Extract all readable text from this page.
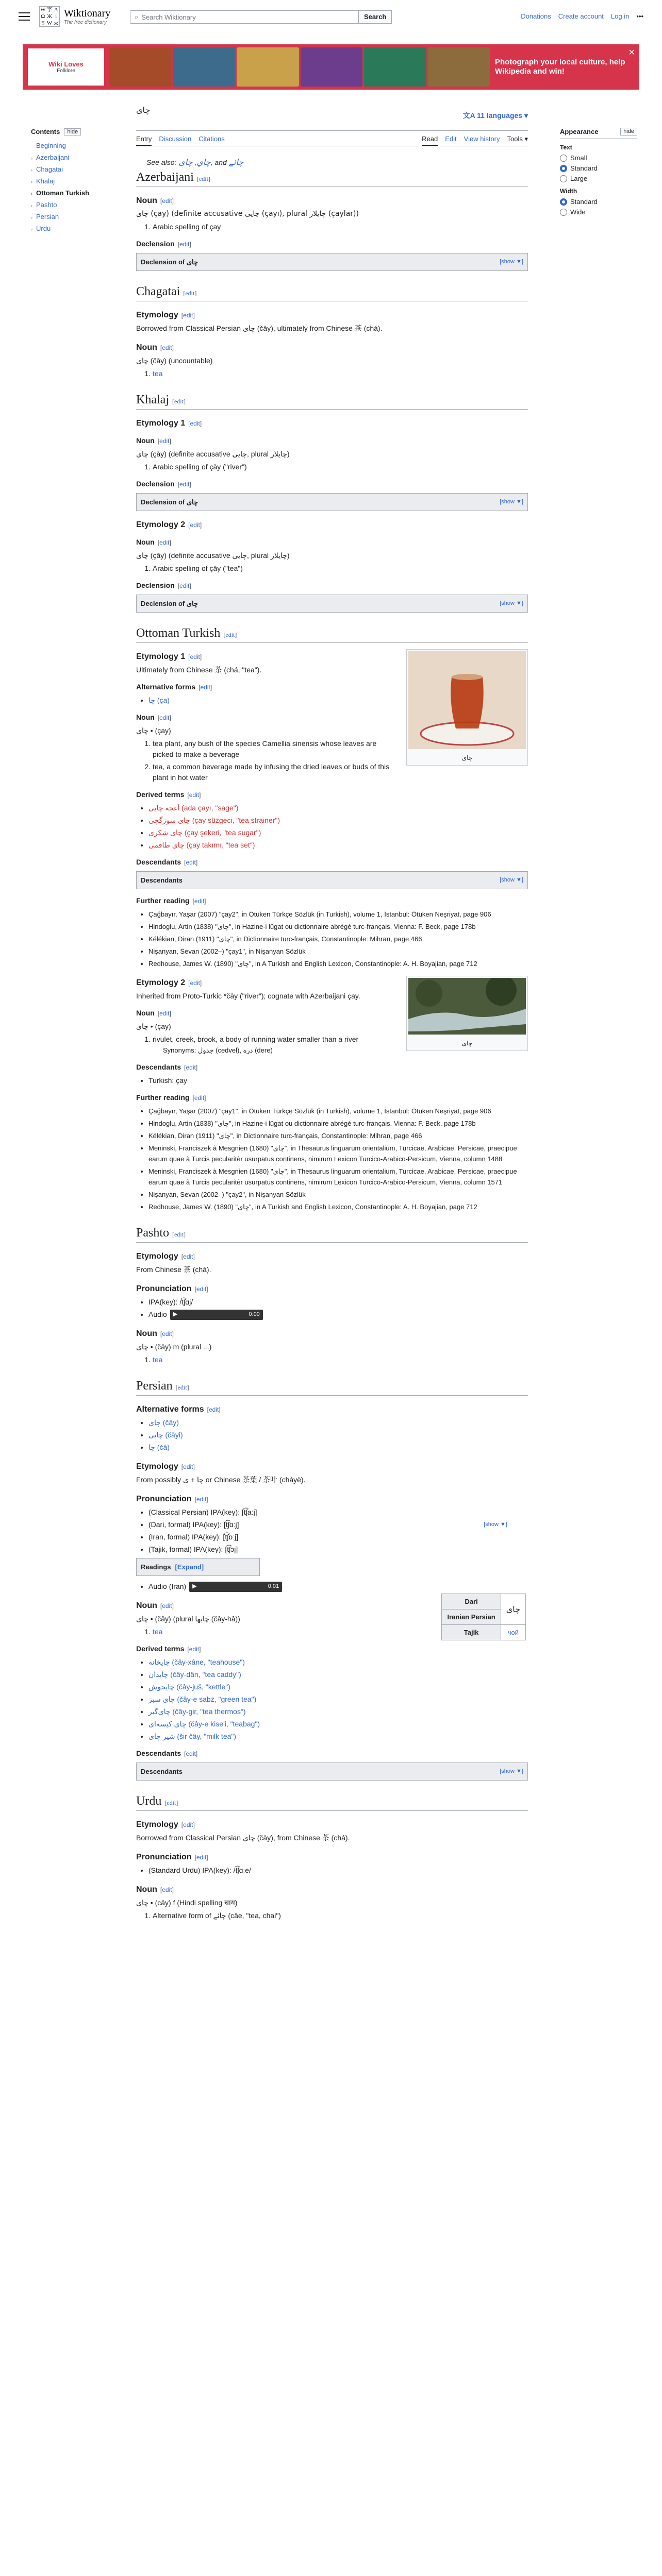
W 字 A
Ω Ж i
ㅎ W ж
Wiktionary
The free dictionary
⌕ Search Wiktionary	Search	Donations Create account Log in •••
Wiki Loves
Folklore
Photograph your local culture, help Wikipedia and win!
✕
Contents	hide
Beginning
› Azerbaijani
› Chagatai
› Khalaj
› Ottoman Turkish
› Pashto
› Persian
› Urdu
چای
文A 11 languages ▾
Entry Discussion Citations	Read Edit View history Tools ▾
See also: چاي, چای	, and چائے
Azerbaijani [edit]
Noun [edit]
چای (çay) (definite accusative چایی (çayı), plural چایلار (çaylar))
1. Arabic spelling of çay
Declension [edit]
Declension of چای	[show ▼]
Chagatai [edit]
Etymology [edit]
Borrowed from Classical Persian چای (čāy), ultimately from Chinese 茶 (chá).
Noun [edit]
چای (čāy) (uncountable)
1. tea
Khalaj [edit]
Etymology 1 [edit]
Noun [edit]
چای (çāy) (definite accusative چایی, plural چایلار)
1. Arabic spelling of çāy ("river")
Declension [edit]
Declension of چای	[show ▼]
Etymology 2 [edit]
Noun [edit]
چای (çāy) (definite accusative چایی, plural چایلار)
1. Arabic spelling of çāy ("tea")
Declension [edit]
Declension of چای	[show ▼]
Ottoman Turkish [edit]
چای
Etymology 1 [edit]
Ultimately from Chinese 茶 (chá, "tea").
Alternative forms [edit]
• چا (ça)
Noun [edit]
چای • (çay)
1. tea plant, any bush of the species Camellia sinensis whose leaves are picked to make a beverage
2. tea, a common beverage made by infusing the dried leaves or buds of this plant in hot water
Derived terms [edit]
• آغجه چایی (ada çayı, "sage")
• چای سوزگچی (çay süzgeci, "tea strainer")
• چای شکری (çay şekeri, "tea sugar")
• چای طاقمی (çay takımı, "tea set")
Descendants [edit]
Descendants	[show ▼]
Further reading [edit]
• Çağbayır, Yaşar (2007) "çay2", in Ötüken Türkçe Sözlük (in Turkish), volume 1, İstanbul: Ötüken Neşriyat, page 906
• Hindoglu, Artin (1838) "چای", in Hazine-i lügat ou dictionnaire abrégé turc-français, Vienna: F. Beck, page 178b
• Kélékian, Diran (1911) "چای", in Dictionnaire turc-français, Constantinople: Mihran, page 466
• Nişanyan, Sevan (2002–) "çay1", in Nişanyan Sözlük
• Redhouse, James W. (1890) "چای", in A Turkish and English Lexicon, Constantinople: A. H. Boyajian, page 712
چای
Etymology 2 [edit]
Inherited from Proto-Turkic *čāy ("river"); cognate with Azerbaijani çay.
Noun [edit]
چای • (çay)
1. rivulet, creek, brook, a body of running water smaller than a river
Synonyms: جدول (cedvel), دره (dere)
Descendants [edit]
• Turkish: çay
Further reading [edit]
• Çağbayır, Yaşar (2007) "çay1", in Ötüken Türkçe Sözlük (in Turkish), volume 1, İstanbul: Ötüken Neşriyat, page 906
• Hindoglu, Artin (1838) "چای", in Hazine-i lügat ou dictionnaire abrégé turc-français, Vienna: F. Beck, page 178b
• Kélékian, Diran (1911) "چای", in Dictionnaire turc-français, Constantinople: Mihran, page 466
• Meninski, Franciszek à Mesgnien (1680) "چای", in Thesaurus linguarum orientalium, Turcicae, Arabicae, Persicae, praecipue earum quae à Turcis pecularitèr usurpatus continens, nimirum Lexicon Turcico-Arabico-Persicum, Vienna, column 1488
• Meninski, Franciszek à Mesgnien (1680) "چای", in Thesaurus linguarum orientalium, Turcicae, Arabicae, Persicae, praecipue earum quae à Turcis pecularitèr usurpatus continens, nimirum Lexicon Turcico-Arabico-Persicum, Vienna, column 1571
• Nişanyan, Sevan (2002–) "çay2", in Nişanyan Sözlük
• Redhouse, James W. (1890) "چای", in A Turkish and English Lexicon, Constantinople: A. H. Boyajian, page 712
Pashto [edit]
Etymology [edit]
From Chinese 茶 (chá).
Pronunciation [edit]
• IPA(key): /t͡ʃɑj/
• Audio ▶	0:00
Noun [edit]
چای • (čāy) m (plural ...)
1. tea
Persian [edit]
Alternative forms [edit]
• چای (čāy)
• چایی (čāyi)
• چا (čā)
Etymology [edit]
From possibly چا + ی or Chinese 茶葉 / 茶叶 (cháyè).
Pronunciation [edit]
[show ▼]
• (Classical Persian) IPA(key): [t͡ʃaːj]
• (Dari, formal) IPA(key): [t͡ʃɑːj]
• (Iran, formal) IPA(key): [t͡ʃɒːj]
• (Tajik, formal) IPA(key): [t͡ʃɔj]
Readings [Expand]
• Audio (Iran) ▶	0:01
Dari	چای
Iranian Persian	
Tajik	чой
Noun [edit]
چای • (čây) (plural چایها (čây-hâ))
1. tea
Derived terms [edit]
• چایخانه (čây-xâne, "teahouse")
• چایدان (čây-dân, "tea caddy")
• چایجوش (čây-juš, "kettle")
• چای سبز (čây-e sabz, "green tea")
• چای‌گیر (čây-gir, "tea thermos")
• چای کیسه‌ای (čây-e kise'i, "teabag")
• شیر چای (šir čây, "milk tea")
Descendants [edit]
Descendants	[show ▼]
Urdu [edit]
Etymology [edit]
Borrowed from Classical Persian چای (čāy), from Chinese 茶 (chá).
Pronunciation [edit]
• (Standard Urdu) IPA(key): /t͡ʃɑːe/
Noun [edit]
چای • (cāy) f (Hindi spelling चाय)
1. Alternative form of چائے (cāe, "tea, chai")
Appearance	hide
Text
Small
Standard
Large
Width
Standard
Wide
